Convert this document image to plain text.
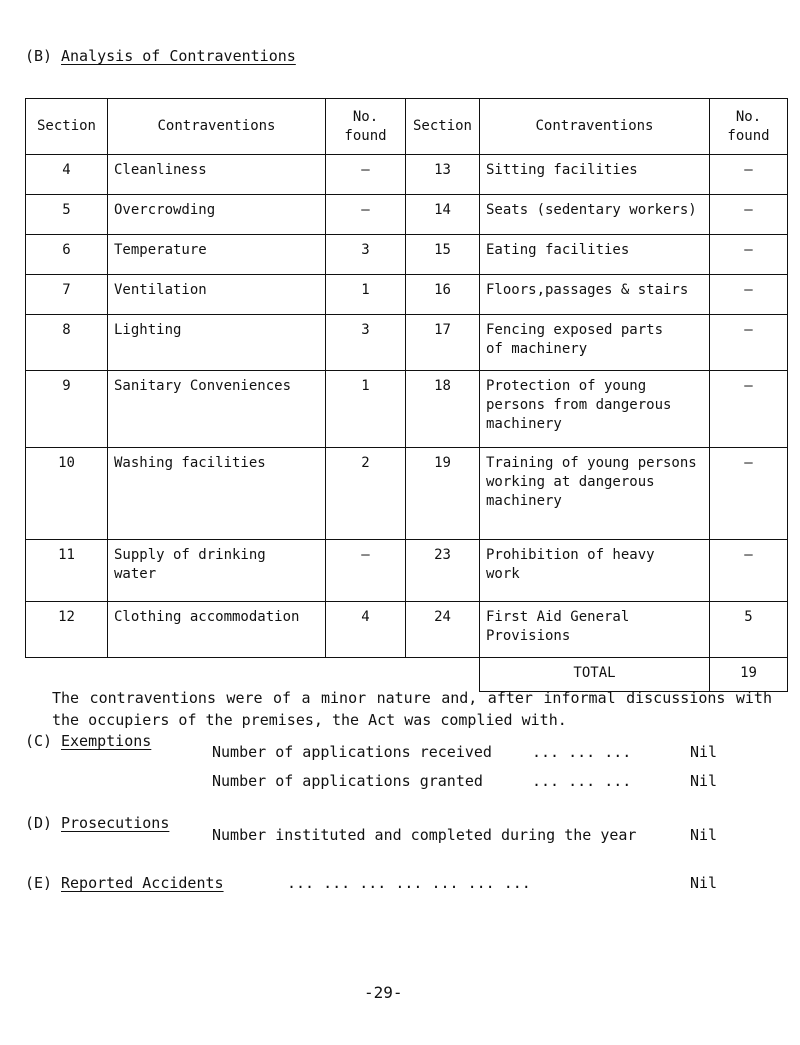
(B) Analysis of Contraventions
Section	Contraventions	No. found	Section	Contraventions	No. found
4	Cleanliness	–	13	Sitting facilities	–
5	Overcrowding	–	14	Seats (sedentary workers)	–
6	Temperature	3	15	Eating facilities	–
7	Ventilation	1	16	Floors,passages & stairs	–
8	Lighting	3	17	Fencing exposed parts of machinery	–
9	Sanitary Conveniences	1	18	Protection of young persons from dangerous machinery	–
10	Washing facilities	2	19	Training of young persons working at dangerous machinery	–
11	Supply of drinking water	–	23	Prohibition of heavy work	–
12	Clothing accommodation	4	24	First Aid General Provisions	5
				TOTAL	19
The contraventions were of a minor nature and, after informal discussions with the occupiers of the premises, the Act was complied with.
(C) Exemptions
Number of applications received	... ... ...	Nil
Number of applications granted	... ... ...	Nil
(D) Prosecutions
Number instituted and completed during the year	Nil
(E) Reported Accidents	... ... ... ... ... ... ...	Nil
-29-
